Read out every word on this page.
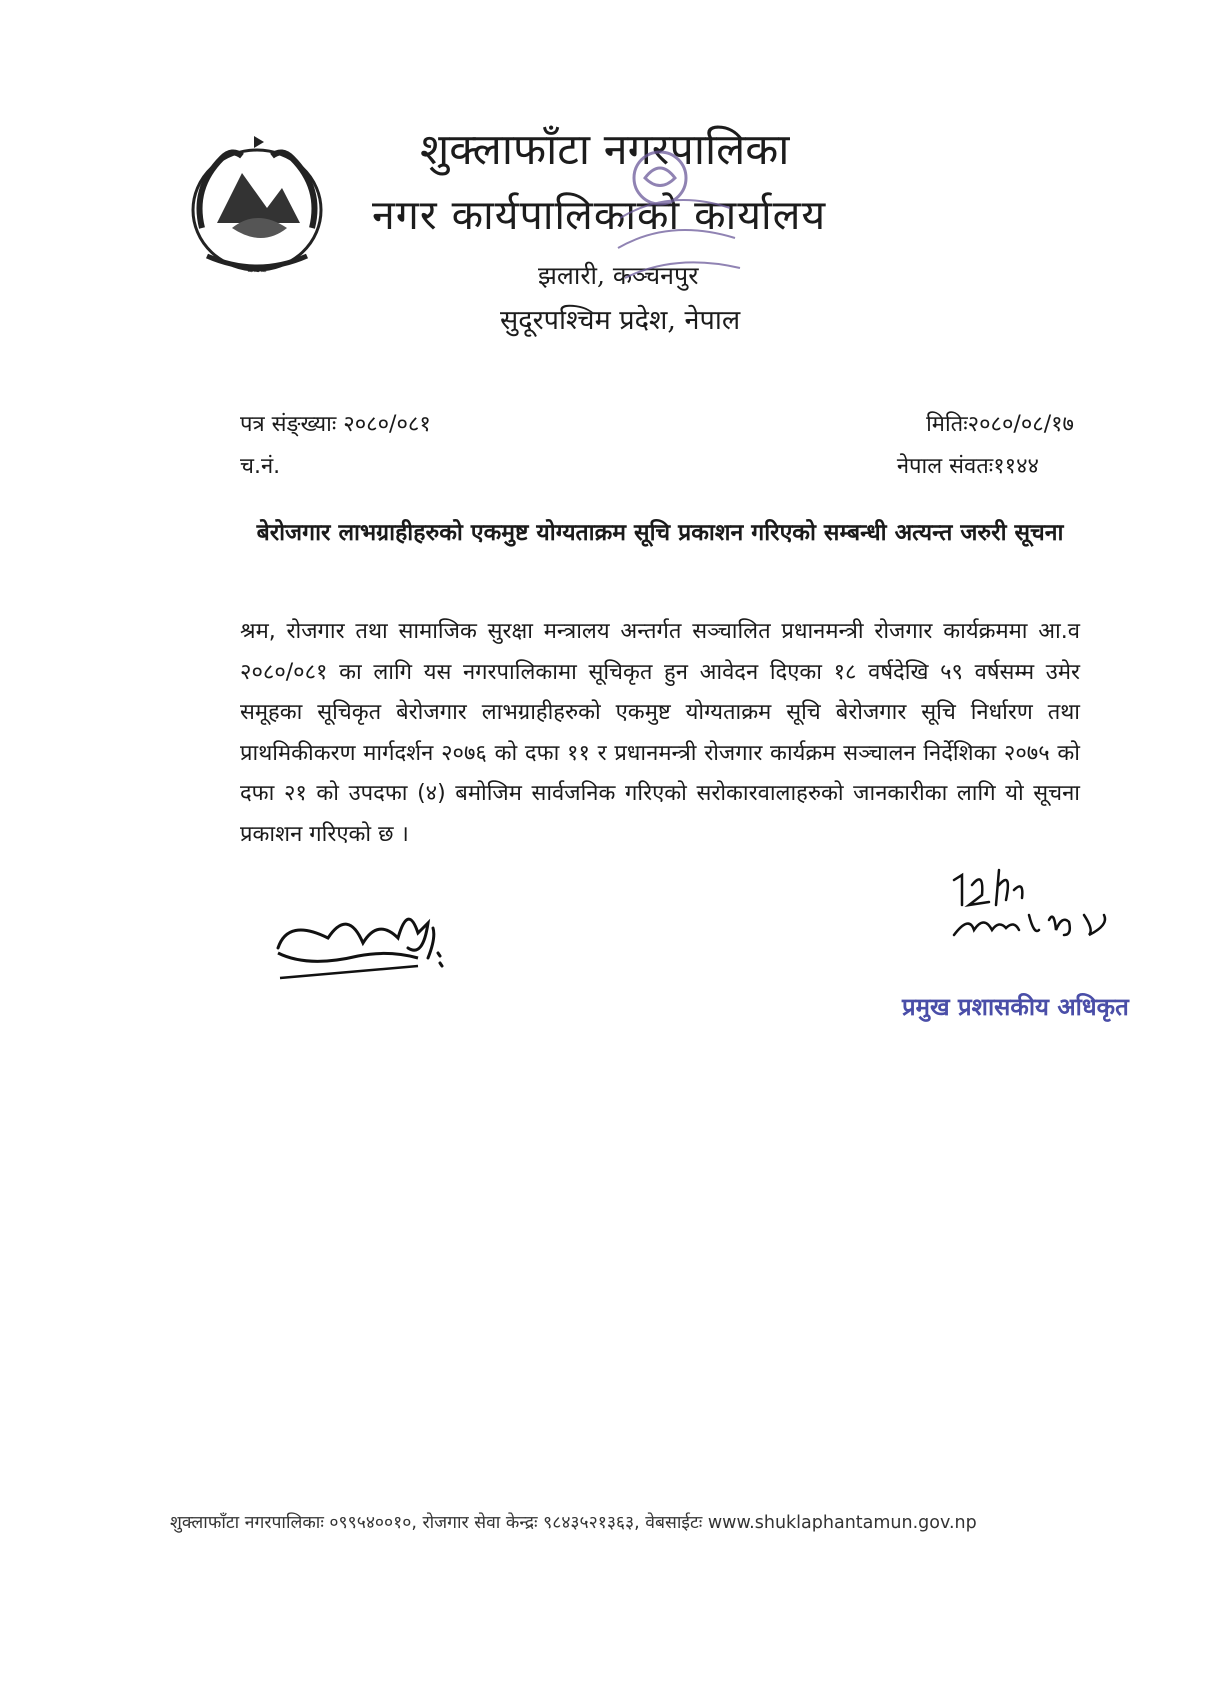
~~~
शुक्लाफाँटा नगरपालिका
नगर कार्यपालिकाको कार्यालय
झलारी, कञ्चनपुर
सुदूरपश्चिम प्रदेश, नेपाल
पत्र संङ्ख्याः २०८०/०८१
च.नं.
मितिः२०८०/०८/१७
नेपाल संवतः११४४
बेरोजगार लाभग्राहीहरुको एकमुष्ट योग्यताक्रम सूचि प्रकाशन गरिएको सम्बन्धी अत्यन्त जरुरी सूचना
श्रम, रोजगार तथा सामाजिक सुरक्षा मन्त्रालय अन्तर्गत सञ्चालित प्रधानमन्त्री रोजगार कार्यक्रममा आ.व २०८०/०८१ का लागि यस नगरपालिकामा सूचिकृत हुन आवेदन दिएका १८ वर्षदेखि ५९ वर्षसम्म उमेर समूहका सूचिकृत बेरोजगार लाभग्राहीहरुको एकमुष्ट योग्यताक्रम सूचि बेरोजगार सूचि निर्धारण तथा प्राथमिकीकरण मार्गदर्शन २०७६ को दफा ११ र प्रधानमन्त्री रोजगार कार्यक्रम सञ्चालन निर्देशिका २०७५ को दफा २१ को उपदफा (४) बमोजिम सार्वजनिक गरिएको सरोकारवालाहरुको जानकारीका लागि यो सूचना प्रकाशन गरिएको छ ।
प्रमुख प्रशासकीय अधिकृत
शुक्लाफाँटा नगरपालिकाः ०९९५४००१०, रोजगार सेवा केन्द्रः ९८४३५२१३६३, वेबसाईटः www.shuklaphantamun.gov.np
